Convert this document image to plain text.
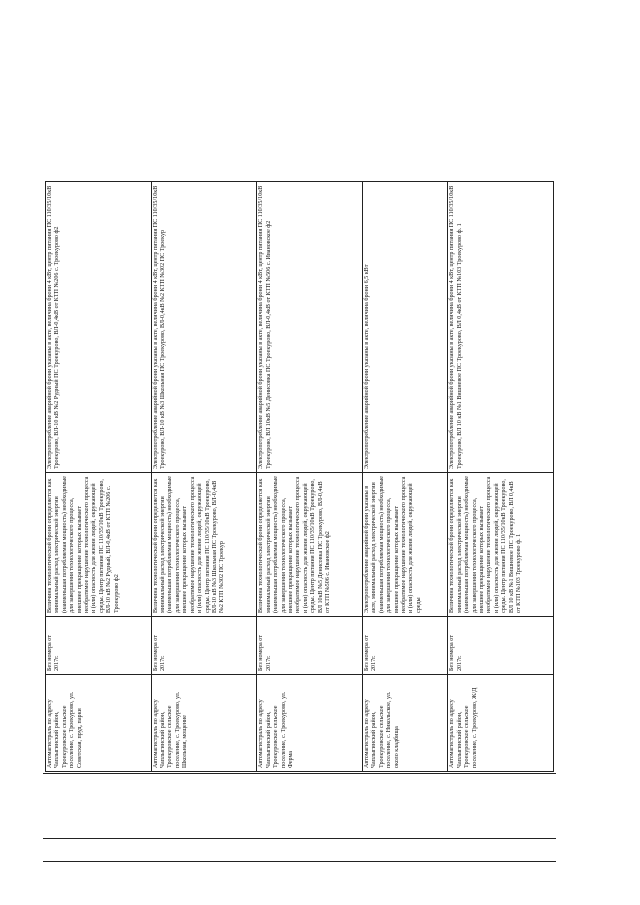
Автомагистраль по адресу Чаплыгинский район, Троекуровское сельское поселение, с. Троекурово, ул. Советская, пруд, парки	Без номера от 2017г.	Величина технологической брони определяется как минимальный расход электрической энергии (наименьшая потребляемая мощность) необходимые для завершения технологического процесса, внешнее прекращение которых вызывает необратимое нарушение технологического процесса и (или) опасность для жизни людей, окружающей среды. Центр питания ПС 110/35/10кВ Троекурово, ВЛ-10 кВ №2 Рудный, ВЛ-0,4кВ от КТП №206 с. Троекурово ф2	Электропотребление аварийной брони указаны в акте, величина брони 4 кВт, центр питания ПС 110/35/10кВ Троекурово, ВЛ-10 кВ №2 Рудный ПС Троекурово, ВЛ-0,4кВ от КТП №206 с. Троекурово ф2
Автомагистраль по адресу Чаплыгинский район, Троекуровское сельское поселение, с. Троекурово, ул. Школьная, мощение	Без номера от 2017г.	Величина технологической брони определяется как минимальный расход электрической энергии (наименьшая потребляемая мощность) необходимые для завершения технологического процесса, внешнее прекращение которых вызывает необратимое нарушение технологического процесса и (или) опасность для жизни людей, окружающей среды. Центр питания ПС 110/35/10кВ Троекурово, ВЛ-10 кВ №3 Школьная ПС Троекурово, ВЛ-0,4кВ №2 КТП №302 ПС Троекур	Электропотребление аварийной брони указаны в акте, величина брони 4 кВт, центр питания ПС 110/35/10кВ Троекурово, ВЛ-10 кВ №3 Школьная ПС Троекурово, ВЛ-0,4кВ №2 КТП №302 ПС Троекур
Автомагистраль по адресу Чаплыгинский район, Троекуровское сельское поселение, с. Троекурово, ул. Ферма	Без номера от 2017г.	Величина технологической брони определяется как минимальный расход электрической энергии (наименьшая потребляемая мощность) необходимые для завершения технологического процесса, внешнее прекращение которых вызывает необратимое нарушение технологического процесса и (или) опасность для жизни людей, окружающей среды. Центр питания ПС 110/35/10кВ Троекурово, ВЛ 10кВ №5 Денисовка ПС Троекурово, ВЛ-0,4кВ от КТП №506 с. Ивановское ф2	Электропотребление аварийной брони указаны в акте, величина брони 4 кВт, центр питания ПС 110/35/10кВ Троекурово, ВЛ 10кВ №5 Денисовка ПС Троекурово, ВЛ-0,4кВ от КТП №506 с. Ивановское ф2
Автомагистраль по адресу Чаплыгинский район, Троекуровское сельское поселение, с. Никольское, ул. около кладбища	Без номера от 2017г.	Электропотребление аварийной брони указаны в акте, минимальный расход электрической энергии (наименьшая потребляемая мощность) необходимые для завершения технологического процесса, внешнее прекращение которых вызывает необратимое нарушение технологического процесса и (или) опасность для жизни людей, окружающей среды	Электропотребление аварийной брони указаны в акте, величина брони 6,5 кВт
Автомагистраль по адресу Чаплыгинский район, Троекуровское сельское поселение, с. Троекурово, Ж/Д	Без номера от 2017г.	Величина технологической брони определяется как минимальный расход электрической энергии (наименьшая потребляемая мощность) необходимые для завершения технологического процесса, внешнее прекращение которых вызывает необратимое нарушение технологического процесса и (или) опасность для жизни людей, окружающей среды. Центр питания ПС 110/35/10кВ Троекурово, ВЛ 10 кВ №1 Вишневое ПС Троекурово, ВЛ 0,4кВ от КТП №103 Троекурово ф. 1	Электропотребление аварийной брони указаны в акте, величина брони 4 кВт, центр питания ПС 110/35/10кВ Троекурово, ВЛ 10 кВ №1 Вишневое ПС Троекурово, ВЛ 0,4кВ от КТП №103 Троекурово ф. 1
